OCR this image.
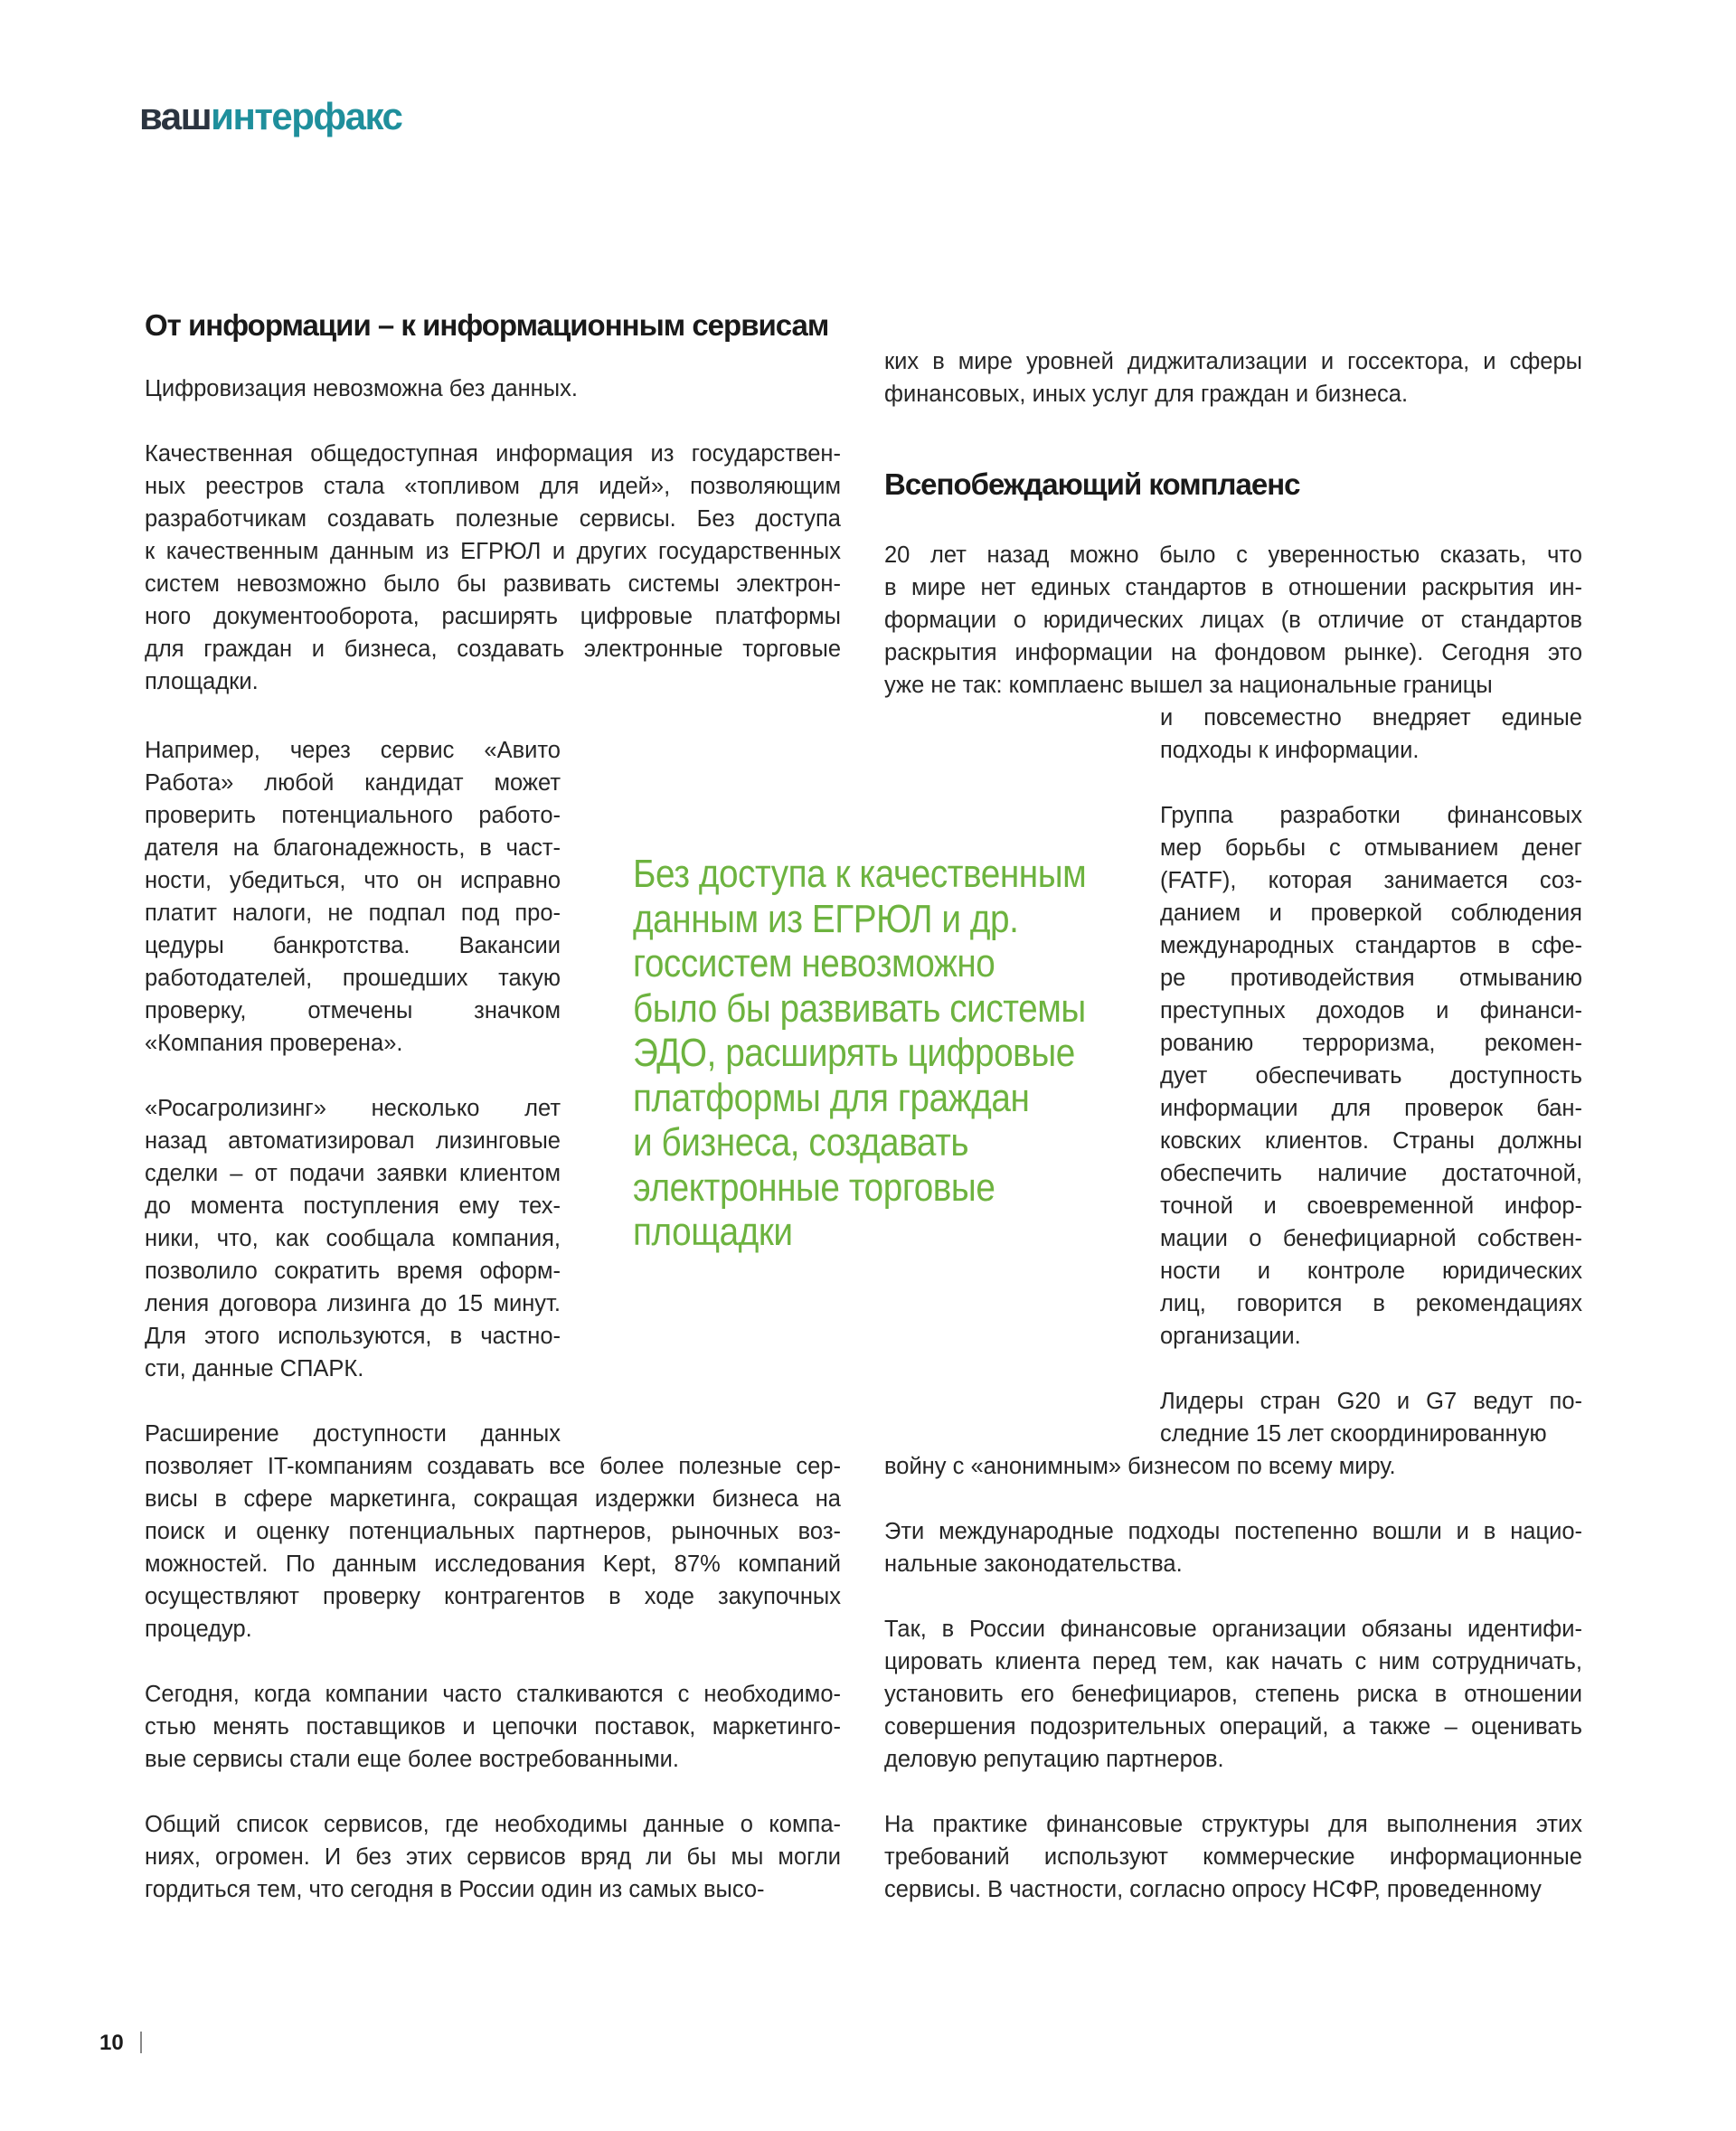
вашинтерфакс
От информации – к информационным сервисам
Цифровизация невозможна без данных.
Качественная общедоступная информация из государствен-
ных реестров стала «топливом для идей», позволяющим
разработчикам создавать полезные сервисы. Без доступа
к качественным данным из ЕГРЮЛ и других государственных
систем невозможно было бы развивать системы электрон-
ного документооборота, расширять цифровые платформы
для граждан и бизнеса, создавать электронные торговые
площадки.
Например, через сервис «Авито
Работа» любой кандидат может
проверить потенциального работо-
дателя на благонадежность, в част-
ности, убедиться, что он исправно
платит налоги, не подпал под про-
цедуры банкротства. Вакансии
работодателей, прошедших такую
проверку, отмечены значком
«Компания проверена».
«Росагролизинг» несколько лет
назад автоматизировал лизинговые
сделки – от подачи заявки клиентом
до момента поступления ему тех-
ники, что, как сообщала компания,
позволило сократить время оформ-
ления договора лизинга до 15 минут.
Для этого используются, в частно-
сти, данные СПАРК.
Расширение доступности данных
позволяет IT-компаниям создавать все более полезные сер-
висы в сфере маркетинга, сокращая издержки бизнеса на
поиск и оценку потенциальных партнеров, рыночных воз-
можностей. По данным исследования Kept, 87% компаний
осуществляют проверку контрагентов в ходе закупочных
процедур.
Сегодня, когда компании часто сталкиваются с необходимо-
стью менять поставщиков и цепочки поставок, маркетинго-
вые сервисы стали еще более востребованными.
Общий список сервисов, где необходимы данные о компа-
ниях, огромен. И без этих сервисов вряд ли бы мы могли
гордиться тем, что сегодня в России один из самых высо-
Без доступа к качественным
данным из ЕГРЮЛ и др.
госсистем невозможно
было бы развивать системы
ЭДО, расширять цифровые
платформы для граждан
и бизнеса, создавать
электронные торговые
площадки
ких в мире уровней диджитализации и госсектора, и сферы
финансовых, иных услуг для граждан и бизнеса.
Всепобеждающий комплаенс
20 лет назад можно было с уверенностью сказать, что
в мире нет единых стандартов в отношении раскрытия ин-
формации о юридических лицах (в отличие от стандартов
раскрытия информации на фондовом рынке). Сегодня это
уже не так: комплаенс вышел за национальные границы
и повсеместно внедряет единые
подходы к информации.
Группа разработки финансовых
мер борьбы с отмыванием денег
(FATF), которая занимается соз-
данием и проверкой соблюдения
международных стандартов в сфе-
ре противодействия отмыванию
преступных доходов и финанси-
рованию терроризма, рекомен-
дует обеспечивать доступность
информации для проверок бан-
ковских клиентов. Страны должны
обеспечить наличие достаточной,
точной и своевременной инфор-
мации о бенефициарной собствен-
ности и контроле юридических
лиц, говорится в рекомендациях
организации.
Лидеры стран G20 и G7 ведут по-
следние 15 лет скоординированную
войну с «анонимным» бизнесом по всему миру.
Эти международные подходы постепенно вошли и в нацио-
нальные законодательства.
Так, в России финансовые организации обязаны идентифи-
цировать клиента перед тем, как начать с ним сотрудничать,
установить его бенефициаров, степень риска в отношении
совершения подозрительных операций, а также – оценивать
деловую репутацию партнеров.
На практике финансовые структуры для выполнения этих
требований используют коммерческие информационные
сервисы. В частности, согласно опросу НСФР, проведенному
10
